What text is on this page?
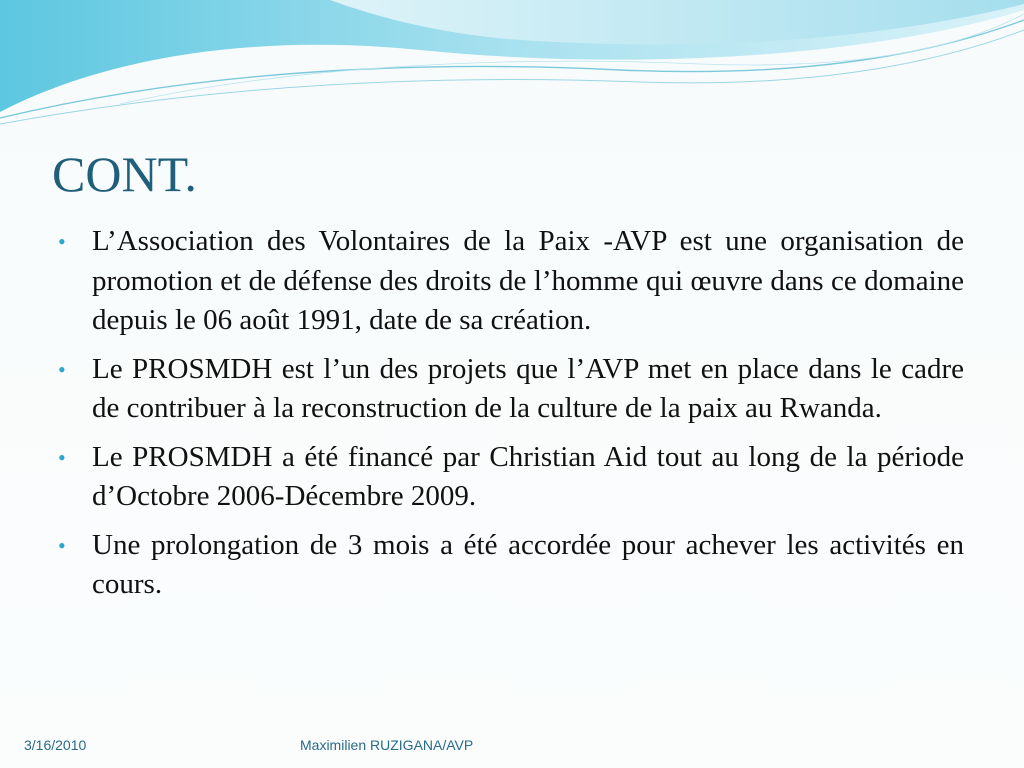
CONT.
• L’Association des Volontaires de la Paix -AVP est une organisation de promotion et de défense des droits de l’homme qui œuvre dans ce domaine depuis le 06 août 1991, date de sa création.
• Le PROSMDH est l’un des projets que l’AVP met en place dans le cadre de contribuer à la reconstruction de la culture de la paix au Rwanda.
• Le PROSMDH a été financé par Christian Aid tout au long de la période d’Octobre 2006-Décembre 2009.
• Une prolongation de 3 mois a été accordée pour achever les activités en cours.
3/16/2010	Maximilien RUZIGANA/AVP
